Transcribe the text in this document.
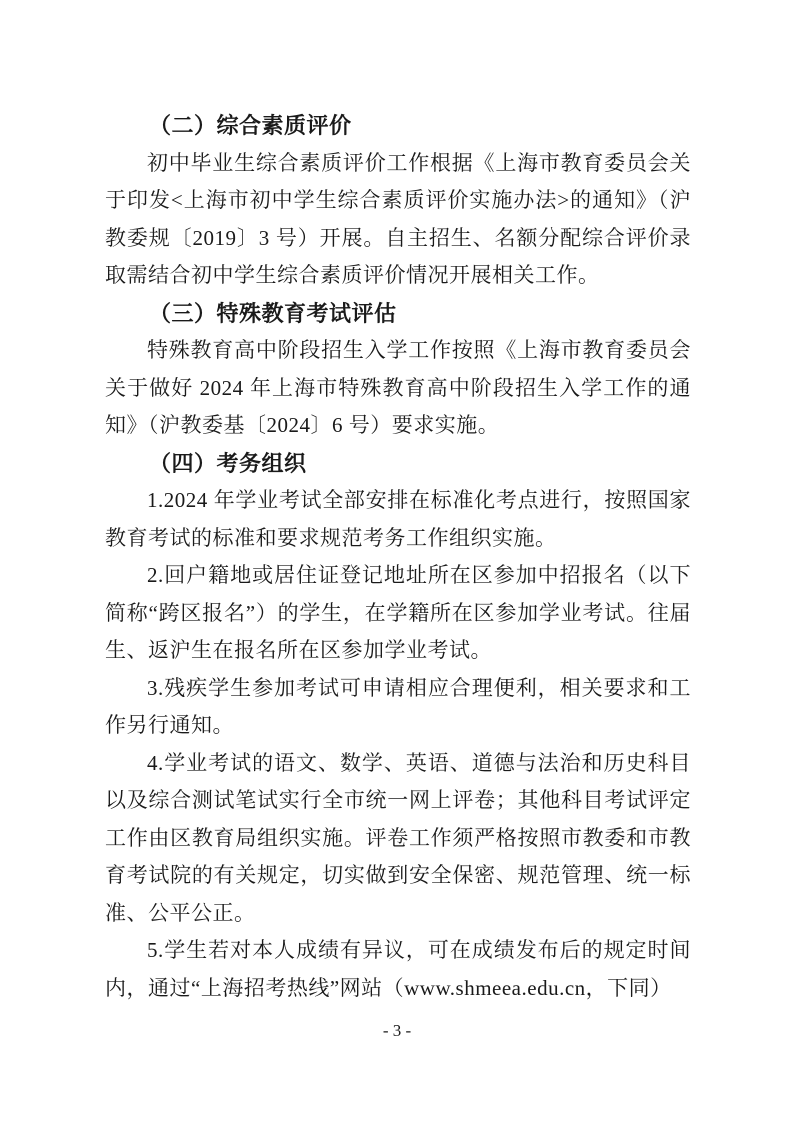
（二）综合素质评价

初中毕业生综合素质评价工作根据《上海市教育委员会关于印发<上海市初中学生综合素质评价实施办法>的通知》（沪教委规〔2019〕3 号）开展。自主招生、名额分配综合评价录取需结合初中学生综合素质评价情况开展相关工作。

（三）特殊教育考试评估

特殊教育高中阶段招生入学工作按照《上海市教育委员会关于做好 2024 年上海市特殊教育高中阶段招生入学工作的通知》（沪教委基〔2024〕6 号）要求实施。

（四）考务组织

1.2024 年学业考试全部安排在标准化考点进行，按照国家教育考试的标准和要求规范考务工作组织实施。

2.回户籍地或居住证登记地址所在区参加中招报名（以下简称“跨区报名”）的学生，在学籍所在区参加学业考试。往届生、返沪生在报名所在区参加学业考试。

3.残疾学生参加考试可申请相应合理便利，相关要求和工作另行通知。

4.学业考试的语文、数学、英语、道德与法治和历史科目以及综合测试笔试实行全市统一网上评卷；其他科目考试评定工作由区教育局组织实施。评卷工作须严格按照市教委和市教育考试院的有关规定，切实做到安全保密、规范管理、统一标准、公平公正。

5.学生若对本人成绩有异议，可在成绩发布后的规定时间内，通过“上海招考热线”网站（www.shmeea.edu.cn，下同）

- 3 -
